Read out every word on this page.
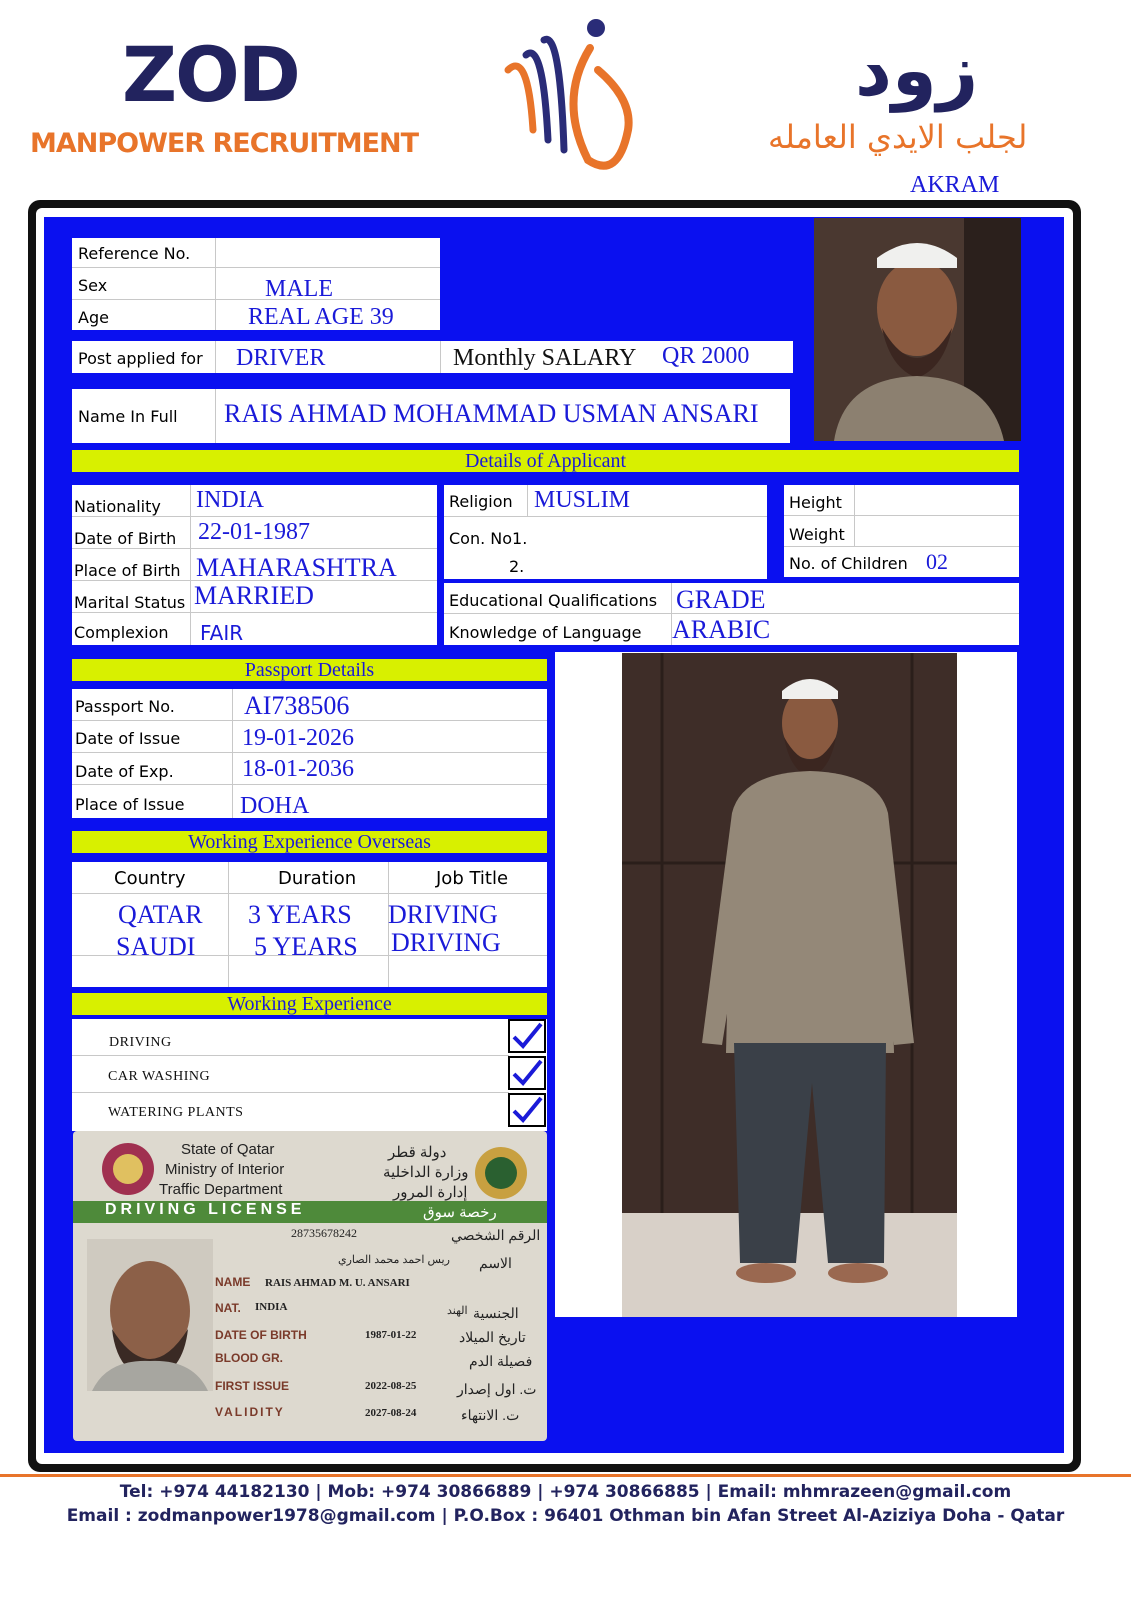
ZOD
MANPOWER RECRUITMENT
زود
لجلب الايدي العامله
AKRAM
Reference No.
Sex	MALE
Age	REAL AGE 39
Post applied for DRIVER	Monthly SALARY QR 2000
Name In Full RAIS AHMAD MOHAMMAD USMAN ANSARI
Details of Applicant
Nationality INDIA
Date of Birth 22-01-1987
Place of Birth MAHARASHTRA
Marital Status MARRIED
Complexion FAIR
Religion MUSLIM
Con. No1.
2.
Height
Weight
No. of Children 02
Educational Qualifications GRADE
Knowledge of Language ARABIC
Passport Details
Passport No.	AI738506
Date of Issue	19-01-2026
Date of Exp.	18-01-2036
Place of Issue DOHA
Working Experience Overseas
Country	Duration	Job Title
QATAR 3 YEARS DRIVING
SAUDI 5 YEARS DRIVING
Working Experience
DRIVING
CAR WASHING
WATERING PLANTS
State of Qatar
Ministry of Interior
Traffic Department
دولة قطر
وزارة الداخلية
إدارة المرور
DRIVING LICENSE	رخصة سوق
28735678242	الرقم الشخصي
ريس احمد محمد الصاري الاسم
NAME RAIS AHMAD M. U. ANSARI
NAT. INDIA	الهند الجنسية
DATE OF BIRTH	1987-01-22	تاريخ الميلاد
BLOOD GR.	فصيلة الدم
FIRST ISSUE	2022-08-25	ت. اول إصدار
VALIDITY	2027-08-24	ت. الانتهاء
Tel: +974 44182130 | Mob: +974 30866889 | +974 30866885 | Email: mhmrazeen@gmail.com
Email : zodmanpower1978@gmail.com | P.O.Box : 96401 Othman bin Afan Street Al-Aziziya Doha - Qatar
